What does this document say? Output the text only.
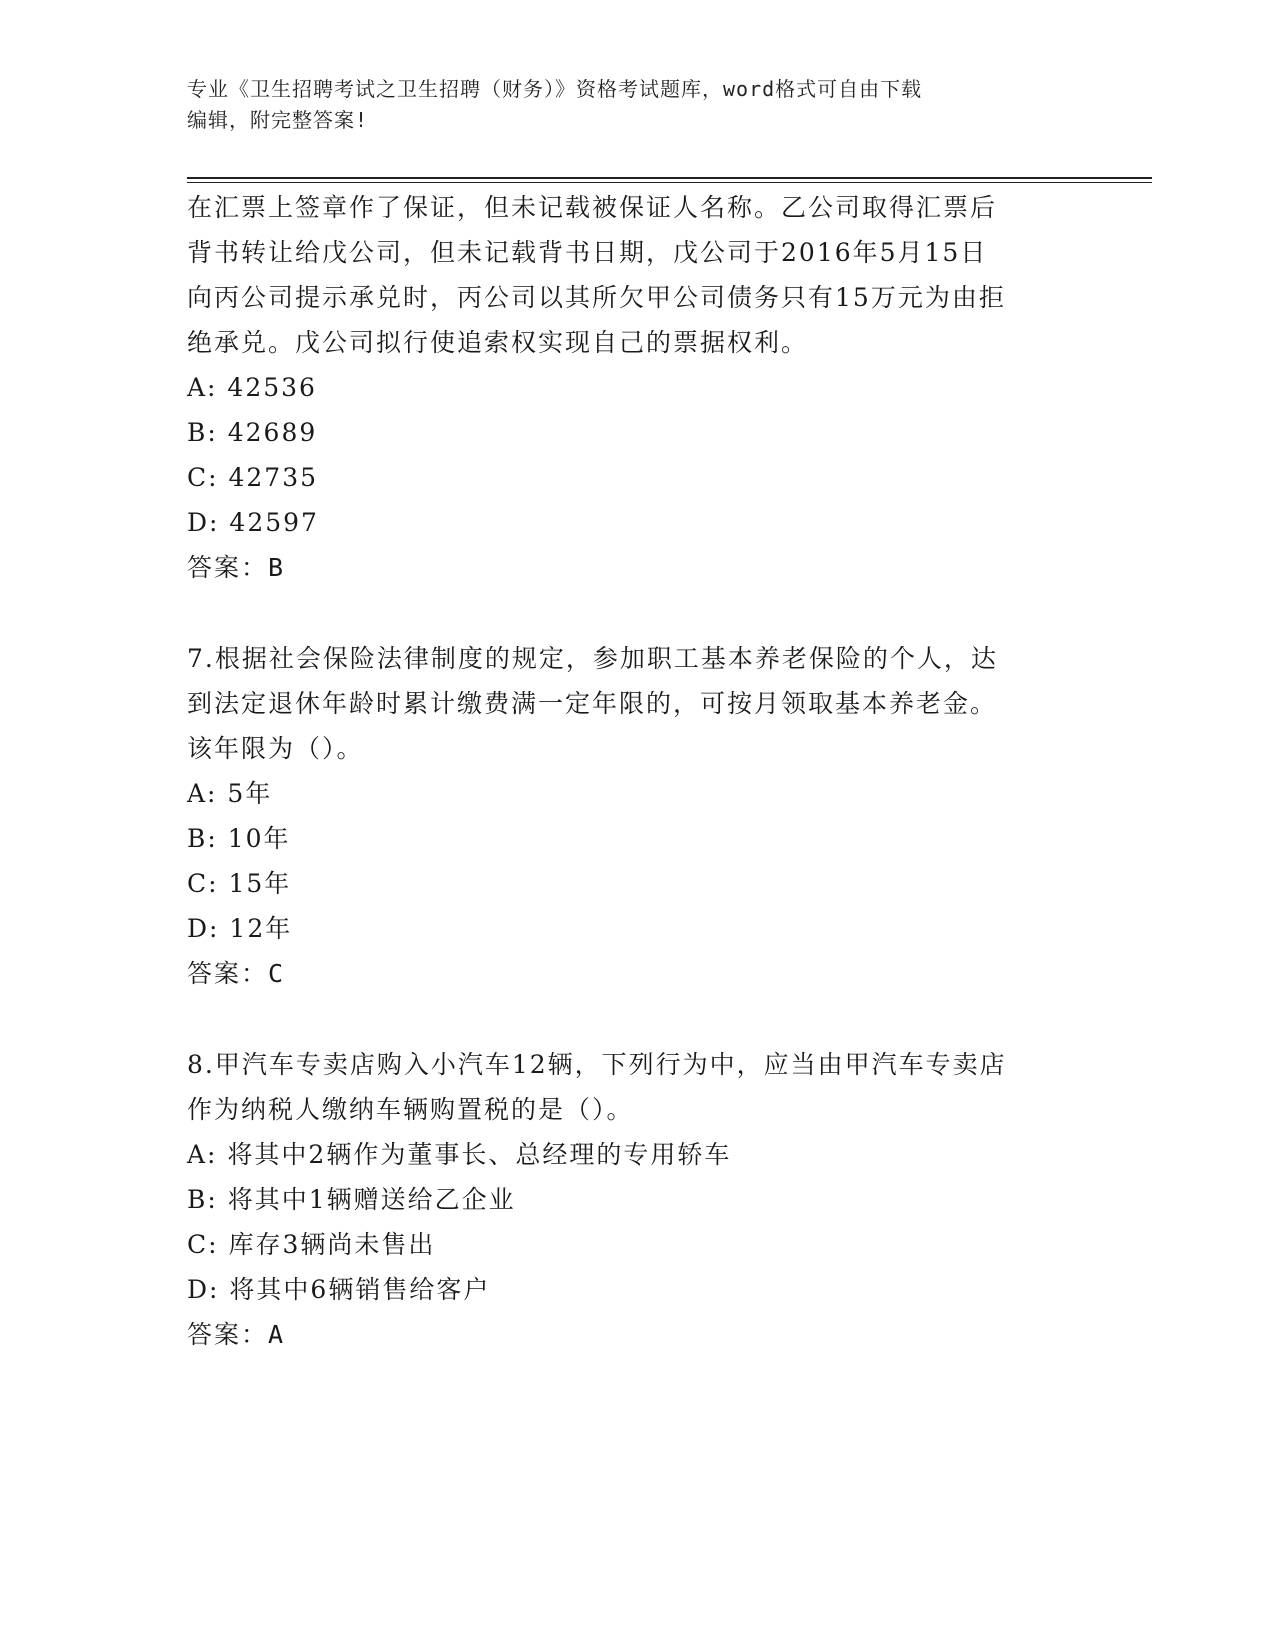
专业《卫生招聘考试之卫生招聘（财务）》资格考试题库，word格式可自由下载
编辑，附完整答案!
在汇票上签章作了保证，但未记载被保证人名称。乙公司取得汇票后
背书转让给戊公司，但未记载背书日期，戊公司于2016年5月15日
向丙公司提示承兑时，丙公司以其所欠甲公司债务只有15万元为由拒
绝承兑。戊公司拟行使追索权实现自己的票据权利。
A: 42536
B: 42689
C: 42735
D: 42597
答案：B
7.根据社会保险法律制度的规定，参加职工基本养老保险的个人，达
到法定退休年龄时累计缴费满一定年限的，可按月领取基本养老金。
该年限为（）。
A: 5年
B: 10年
C: 15年
D: 12年
答案：C
8.甲汽车专卖店购入小汽车12辆，下列行为中，应当由甲汽车专卖店
作为纳税人缴纳车辆购置税的是（）。
A: 将其中2辆作为董事长、总经理的专用轿车
B: 将其中1辆赠送给乙企业
C: 库存3辆尚未售出
D: 将其中6辆销售给客户
答案：A
